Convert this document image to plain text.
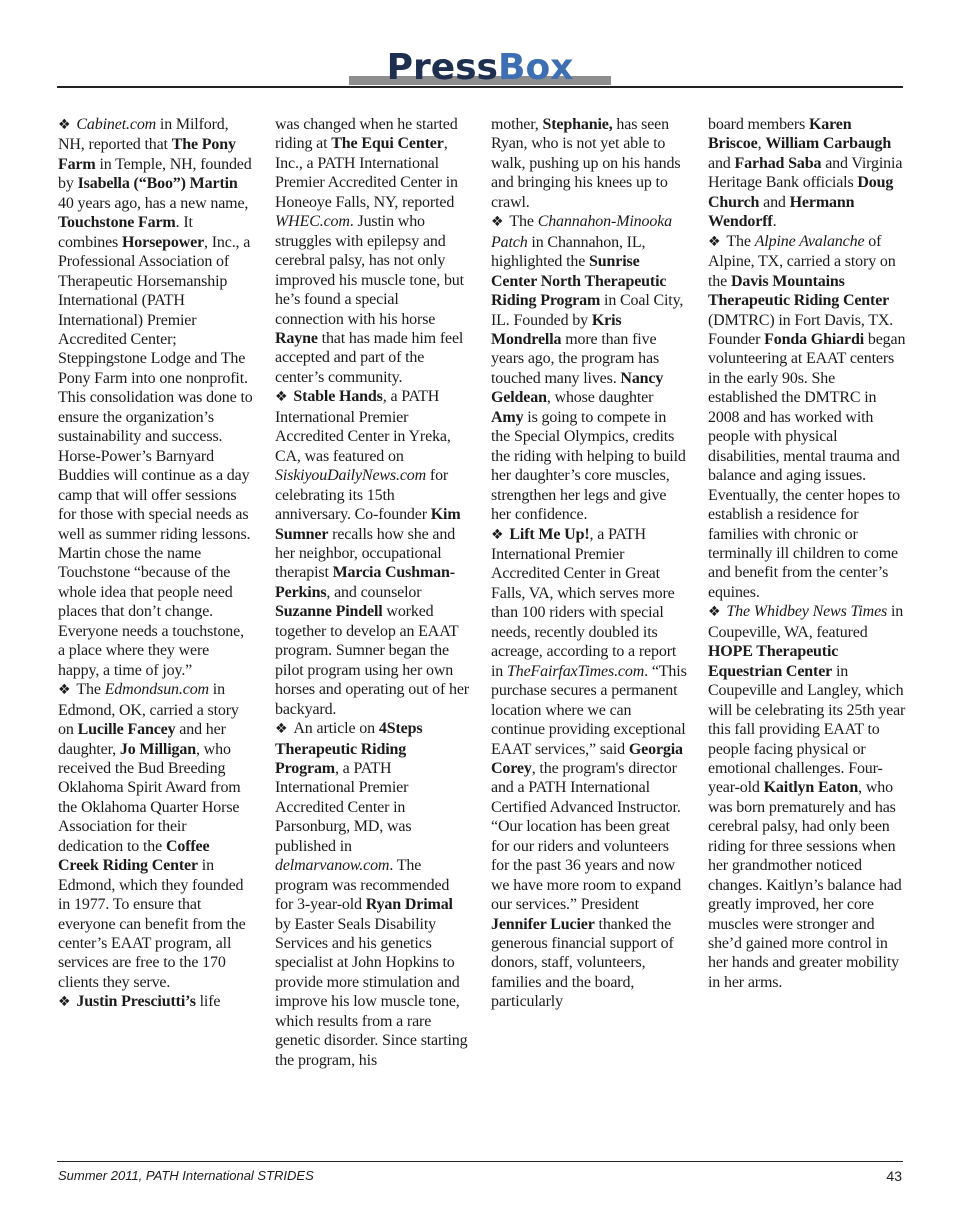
PressBox

❖ Cabinet.com in Milford, NH, reported that The Pony Farm in Temple, NH, founded by Isabella (“Boo”) Martin 40 years ago, has a new name, Touchstone Farm. It combines Horsepower, Inc., a Professional Association of Therapeutic Horsemanship International (PATH International) Premier Accredited Center; Steppingstone Lodge and The Pony Farm into one nonprofit. This consolidation was done to ensure the organization’s sustainability and success. Horse-Power’s Barnyard Buddies will continue as a day camp that will offer sessions for those with special needs as well as summer riding lessons. Martin chose the name Touchstone “because of the whole idea that people need places that don’t change. Everyone needs a touchstone, a place where they were happy, a time of joy.”

❖ The Edmondsun.com in Edmond, OK, carried a story on Lucille Fancey and her daughter, Jo Milligan, who received the Bud Breeding Oklahoma Spirit Award from the Oklahoma Quarter Horse Association for their dedication to the Coffee Creek Riding Center in Edmond, which they founded in 1977. To ensure that everyone can benefit from the center’s EAAT program, all services are free to the 170 clients they serve.

❖ Justin Presciutti’s life

was changed when he started riding at The Equi Center, Inc., a PATH International Premier Accredited Center in Honeoye Falls, NY, reported WHEC.com. Justin who struggles with epilepsy and cerebral palsy, has not only improved his muscle tone, but he’s found a special connection with his horse Rayne that has made him feel accepted and part of the center’s community.

❖ Stable Hands, a PATH International Premier Accredited Center in Yreka, CA, was featured on SiskiyouDailyNews.com for celebrating its 15th anniversary. Co-founder Kim Sumner recalls how she and her neighbor, occupational therapist Marcia Cushman-Perkins, and counselor Suzanne Pindell worked together to develop an EAAT program. Sumner began the pilot program using her own horses and operating out of her backyard.

❖ An article on 4Steps Therapeutic Riding Program, a PATH International Premier Accredited Center in Parsonburg, MD, was published in delmarvanow.com. The program was recommended for 3-year-old Ryan Drimal by Easter Seals Disability Services and his genetics specialist at John Hopkins to provide more stimulation and improve his low muscle tone, which results from a rare genetic disorder. Since starting the program, his

mother, Stephanie, has seen Ryan, who is not yet able to walk, pushing up on his hands and bringing his knees up to crawl.

❖ The Channahon-Minooka Patch in Channahon, IL, highlighted the Sunrise Center North Therapeutic Riding Program in Coal City, IL. Founded by Kris Mondrella more than five years ago, the program has touched many lives. Nancy Geldean, whose daughter Amy is going to compete in the Special Olympics, credits the riding with helping to build her daughter’s core muscles, strengthen her legs and give her confidence.

❖ Lift Me Up!, a PATH International Premier Accredited Center in Great Falls, VA, which serves more than 100 riders with special needs, recently doubled its acreage, according to a report in TheFairfaxTimes.com. “This purchase secures a permanent location where we can continue providing exceptional EAAT services,” said Georgia Corey, the program's director and a PATH International Certified Advanced Instructor. “Our location has been great for our riders and volunteers for the past 36 years and now we have more room to expand our services.” President Jennifer Lucier thanked the generous financial support of donors, staff, volunteers, families and the board, particularly

board members Karen Briscoe, William Carbaugh and Farhad Saba and Virginia Heritage Bank officials Doug Church and Hermann Wendorff.

❖ The Alpine Avalanche of Alpine, TX, carried a story on the Davis Mountains Therapeutic Riding Center (DMTRC) in Fort Davis, TX. Founder Fonda Ghiardi began volunteering at EAAT centers in the early 90s. She established the DMTRC in 2008 and has worked with people with physical disabilities, mental trauma and balance and aging issues. Eventually, the center hopes to establish a residence for families with chronic or terminally ill children to come and benefit from the center’s equines.

❖ The Whidbey News Times in Coupeville, WA, featured HOPE Therapeutic Equestrian Center in Coupeville and Langley, which will be celebrating its 25th year this fall providing EAAT to people facing physical or emotional challenges. Four-year-old Kaitlyn Eaton, who was born prematurely and has cerebral palsy, had only been riding for three sessions when her grandmother noticed changes. Kaitlyn’s balance had greatly improved, her core muscles were stronger and she’d gained more control in her hands and greater mobility in her arms.

Summer 2011, PATH International STRIDES	43
